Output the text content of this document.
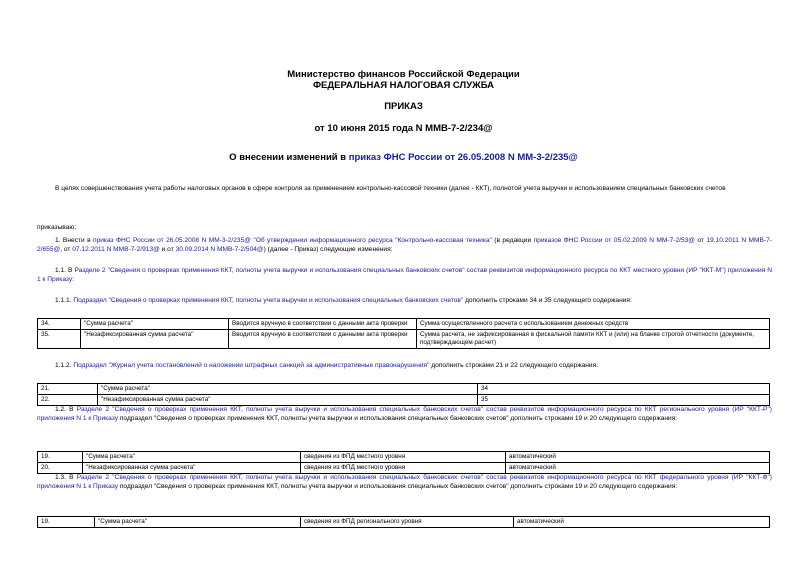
Министерство финансов Российской Федерации
ФЕДЕРАЛЬНАЯ НАЛОГОВАЯ СЛУЖБА
ПРИКАЗ
от 10 июня 2015 года N ММВ-7-2/234@
О внесении изменений в приказ ФНС России от 26.05.2008 N ММ-3-2/235@
В целях совершенствования учета работы налоговых органов в сфере контроля за применением контрольно-кассовой техники (далее - ККТ), полнотой учета выручки и использованием специальных банковских счетов
приказываю:
1. Внести в приказ ФНС России от 26.05.2008 N ММ-3-2/235@ "Об утверждении информационного ресурса "Контрольно-кассовая техника" (в редакции приказов ФНС России от 05.02.2009 N ММ-7-2/53@ от 19.10.2011 N ММВ-7-2/655@, от 07.12.2011 N ММВ-7-2/913@ и от 30.09.2014 N ММВ-7-2/504@) (далее - Приказ) следующие изменения:
1.1. В Разделе 2 "Сведения о проверках применения ККТ, полноты учета выручки и использования специальных банковских счетов" состав реквизитов информационного ресурса по ККТ местного уровня (ИР "ККТ-М") приложения N 1 к Приказу:
1.1.1. Подраздел "Сведения о проверках применения ККТ, полноты учета выручки и использования специальных банковских счетов" дополнить строками 34 и 35 следующего содержания:
34.	"Сумма расчета"	Вводится вручную в соответствии с данными акта проверки	Сумма осуществленного расчета с использованием денежных средств
35.	"Незафиксированная сумма расчета"	Вводится вручную в соответствии с данными акта проверки	Сумма расчета, не зафиксированная в фискальной памяти ККТ и (или) на бланке строгой отчетности (документе, подтверждающем расчет)
1.1.2. Подраздел "Журнал учета постановлений о наложении штрафных санкций за административные правонарушения" дополнить строками 21 и 22 следующего содержания:
21.	"Сумма расчета"	34
22.	"Незафиксированная сумма расчета"	35
1.2. В Разделе 2 "Сведения о проверках применения ККТ, полноты учета выручки и использования специальных банковских счетов" состав реквизитов информационного ресурса по ККТ регионального уровня (ИР "ККТ-Р") приложения N 1 к Приказу подраздел "Сведения о проверках применения ККТ, полноты учета выручки и использования специальных банковских счетов" дополнить строками 19 и 20 следующего содержания:
19.	"Сумма расчета"	сведения из ФПД местного уровня	автоматический
20.	"Незафиксированная сумма расчета"	сведения из ФПД местного уровня	автоматический
1.3. В Разделе 2 "Сведения о проверках применения ККТ, полноты учета выручки и использования специальных банковских счетов" состав реквизитов информационного ресурса по ККТ федерального уровня (ИР "ККТ-Ф") приложения N 1 к Приказу подраздел "Сведения о проверках применения ККТ, полноты учета выручки и использования специальных банковских счетов" дополнить строками 19 и 20 следующего содержания:
19.	"Сумма расчета"	сведения из ФПД регионального уровня	автоматический
